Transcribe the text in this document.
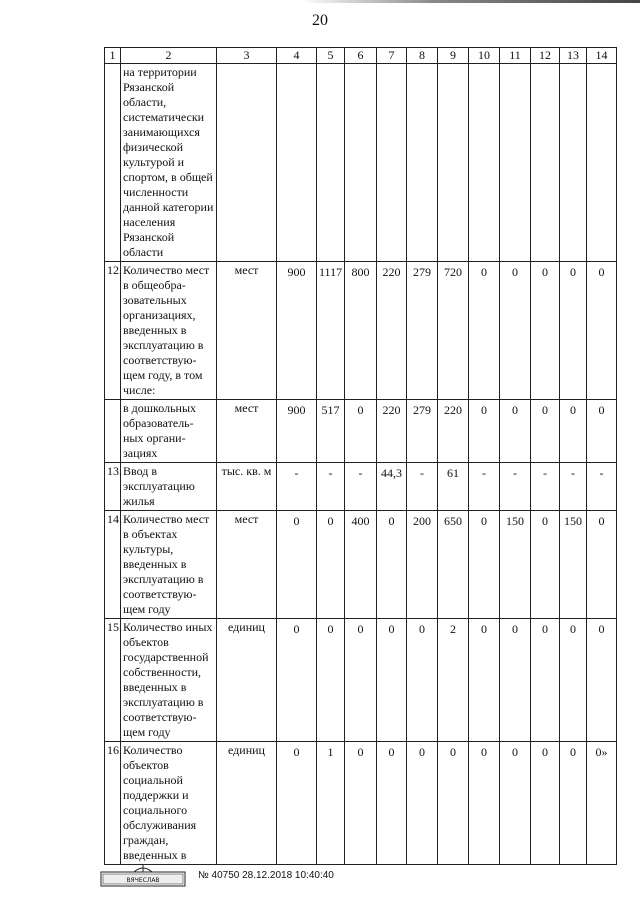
20
1	2	3	4	5	6	7	8	9	10	11	12	13	14
	на территории Рязанской области, систематически занимающихся физической культурой и спортом, в общей численности данной категории населения Рязанской области												
12.	Количество мест в общеобра- зовательных организациях, введенных в эксплуатацию в соответствую- щем году, в том числе:	мест	900	1117	800	220	279	720	0	0	0	0	0
	в дошкольных образователь- ных органи- зациях	мест	900	517	0	220	279	220	0	0	0	0	0
13.	Ввод в эксплуатацию жилья	тыс. кв. м	-	-	-	44,3	-	61	-	-	-	-	-
14.	Количество мест в объектах культуры, введенных в эксплуатацию в соответствую- щем году	мест	0	0	400	0	200	650	0	150	0	150	0
15.	Количество иных объектов государственной собственности, введенных в эксплуатацию в соответствую- щем году	единиц	0	0	0	0	0	2	0	0	0	0	0
16.	Количество объектов социальной поддержки и социального обслуживания граждан, введенных в	единиц	0	1	0	0	0	0	0	0	0	0	0»
ВЯЧЕСЛАВ	№ 40750 28.12.2018 10:40:40
